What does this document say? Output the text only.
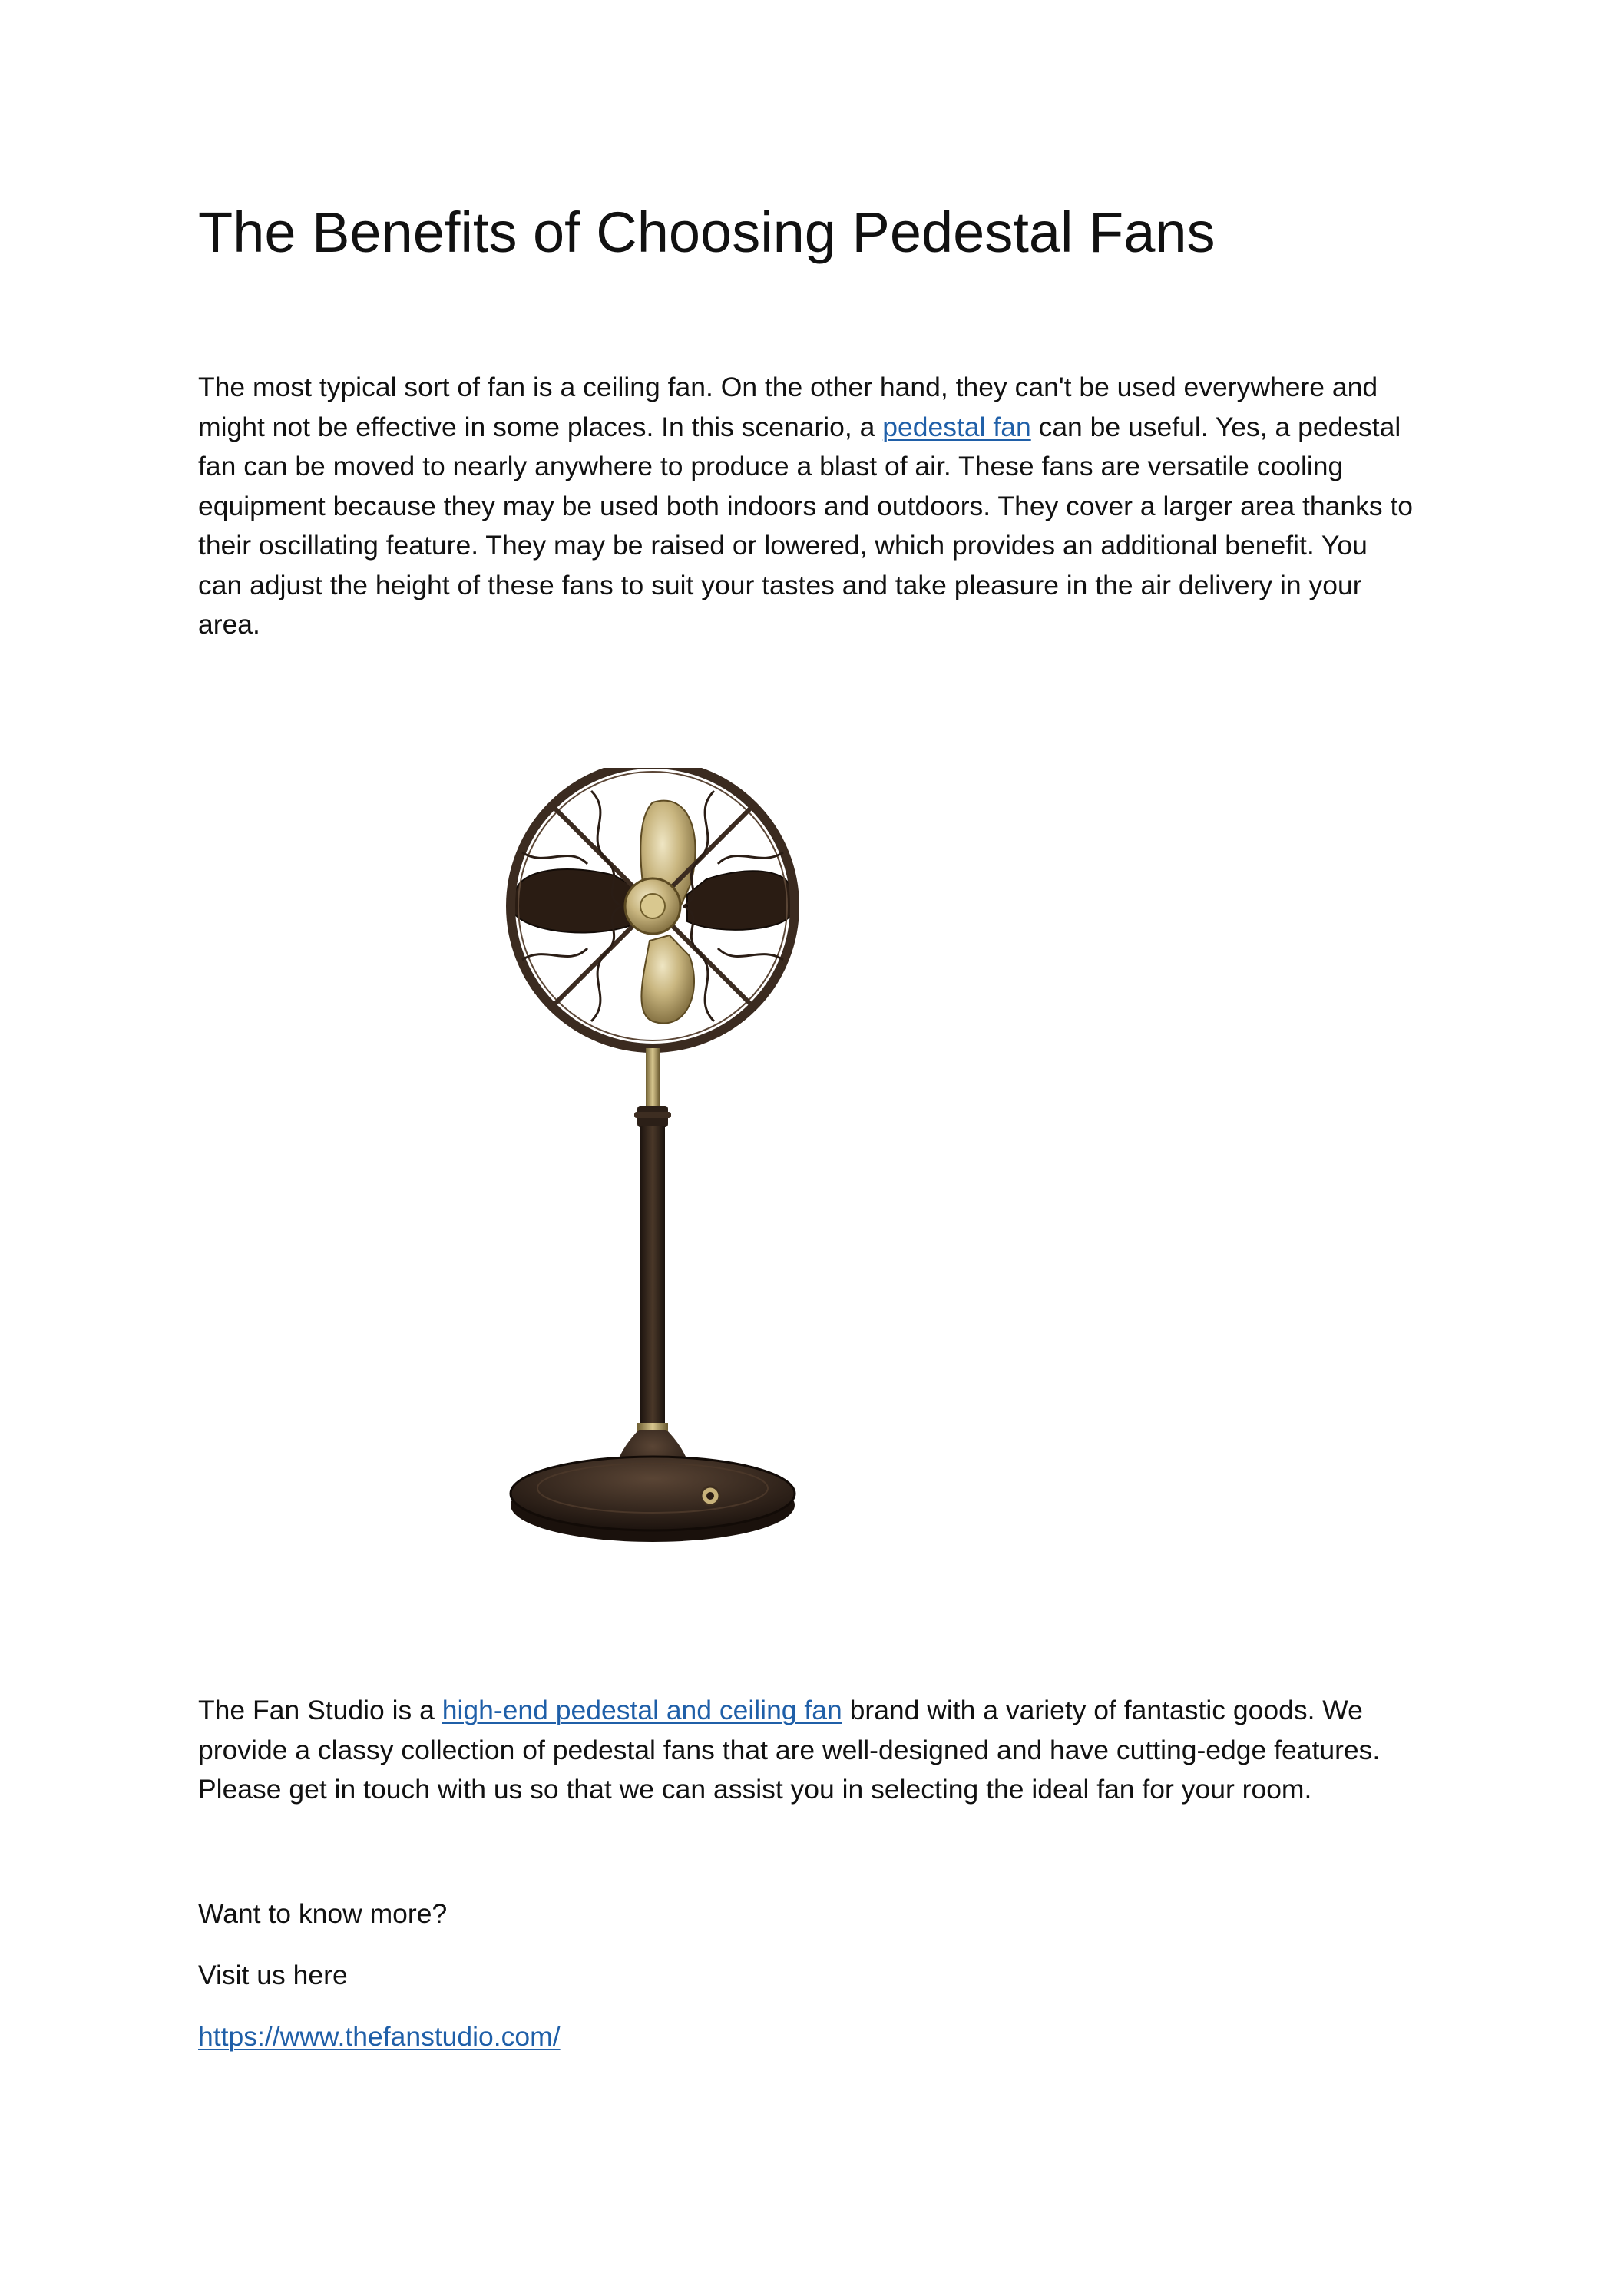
The Benefits of Choosing Pedestal Fans
The most typical sort of fan is a ceiling fan. On the other hand, they can't be used everywhere and
might not be effective in some places. In this scenario, a pedestal fan can be useful. Yes, a pedestal
fan can be moved to nearly anywhere to produce a blast of air. These fans are versatile cooling
equipment because they may be used both indoors and outdoors. They cover a larger area thanks to
their oscillating feature. They may be raised or lowered, which provides an additional benefit. You
can adjust the height of these fans to suit your tastes and take pleasure in the air delivery in your
area.
The Fan Studio is a high-end pedestal and ceiling fan brand with a variety of fantastic goods. We
provide a classy collection of pedestal fans that are well-designed and have cutting-edge features.
Please get in touch with us so that we can assist you in selecting the ideal fan for your room.

Want to know more?

Visit us here

https://www.thefanstudio.com/
